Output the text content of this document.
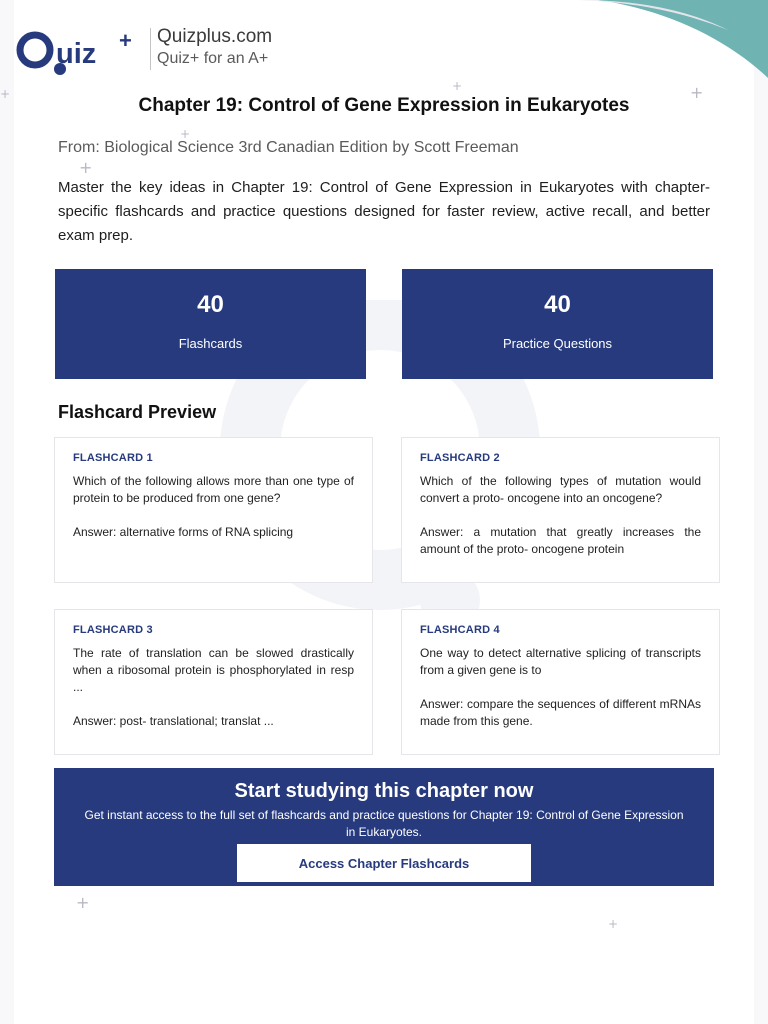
+
+
+
+
+
+
+
uiz + Quizplus.com
Quiz+ for an A+
Chapter 19: Control of Gene Expression in Eukaryotes
From: Biological Science 3rd Canadian Edition by Scott Freeman

Master the key ideas in Chapter 19: Control of Gene Expression in Eukaryotes with chapter-specific flashcards and practice questions designed for faster review, active recall, and better exam prep.

40
Flashcards
40
Practice Questions
Flashcard Preview
FLASHCARD 1
Which of the following allows more than one type of protein to be produced from one gene?
Answer: alternative forms of RNA splicing
FLASHCARD 2
Which of the following types of mutation would convert a proto- oncogene into an oncogene?
Answer: a mutation that greatly increases the amount of the proto- oncogene protein
FLASHCARD 3
The rate of translation can be slowed drastically when a ribosomal protein is phosphorylated in resp ...
Answer: post- translational; translat ...
FLASHCARD 4
One way to detect alternative splicing of transcripts from a given gene is to
Answer: compare the sequences of different mRNAs made from this gene.
Start studying this chapter now
Get instant access to the full set of flashcards and practice questions for Chapter 19: Control of Gene Expression in Eukaryotes.
Access Chapter Flashcards
